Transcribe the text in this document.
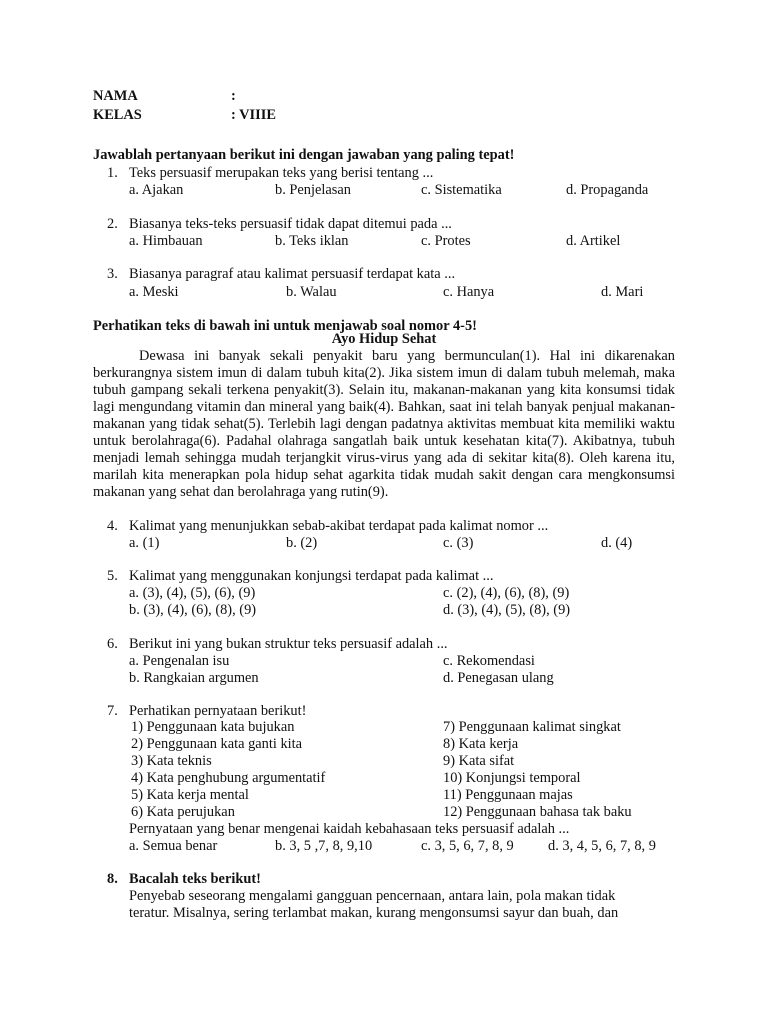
NAMA	:
KELAS	: VIIIE
Jawablah pertanyaan berikut ini dengan jawaban yang paling tepat!
1. Teks persuasif merupakan teks yang berisi tentang ...
a. Ajakan	b. Penjelasan	c. Sistematika	d. Propaganda
2. Biasanya teks-teks persuasif tidak dapat ditemui pada ...
a. Himbauan	b. Teks iklan	c. Protes	d. Artikel
3. Biasanya paragraf atau kalimat persuasif terdapat kata ...
a. Meski	b. Walau	c. Hanya	d. Mari
Perhatikan teks di bawah ini untuk menjawab soal nomor 4-5!
Ayo Hidup Sehat
Dewasa ini banyak sekali penyakit baru yang bermunculan(1). Hal ini dikarenakan berkurangnya sistem imun di dalam tubuh kita(2). Jika sistem imun di dalam tubuh melemah, maka tubuh gampang sekali terkena penyakit(3). Selain itu, makanan-makanan yang kita konsumsi tidak lagi mengundang vitamin dan mineral yang baik(4). Bahkan, saat ini telah banyak penjual makanan-makanan yang tidak sehat(5). Terlebih lagi dengan padatnya aktivitas membuat kita memiliki waktu untuk berolahraga(6). Padahal olahraga sangatlah baik untuk kesehatan kita(7). Akibatnya, tubuh menjadi lemah sehingga mudah terjangkit virus-virus yang ada di sekitar kita(8). Oleh karena itu, marilah kita menerapkan pola hidup sehat agarkita tidak mudah sakit dengan cara mengkonsumsi makanan yang sehat dan berolahraga yang rutin(9).
4. Kalimat yang menunjukkan sebab-akibat terdapat pada kalimat nomor ...
a. (1)	b. (2)	c. (3)	d. (4)
5. Kalimat yang menggunakan konjungsi terdapat pada kalimat ...
a. (3), (4), (5), (6), (9)
b. (3), (4), (6), (8), (9)
c. (2), (4), (6), (8), (9)
d. (3), (4), (5), (8), (9)
6. Berikut ini yang bukan struktur teks persuasif adalah ...
a. Pengenalan isu
b. Rangkaian argumen
c. Rekomendasi
d. Penegasan ulang
7. Perhatikan pernyataan berikut!
1) Penggunaan kata bujukan
2) Penggunaan kata ganti kita
3) Kata teknis
4) Kata penghubung argumentatif
5) Kata kerja mental
6) Kata perujukan
7) Penggunaan kalimat singkat
8) Kata kerja
9) Kata sifat
10) Konjungsi temporal
11) Penggunaan majas
12) Penggunaan bahasa tak baku
Pernyataan yang benar mengenai kaidah kebahasaan teks persuasif adalah ...
a. Semua benar	b. 3, 5 ,7, 8, 9,10	c. 3, 5, 6, 7, 8, 9 d. 3, 4, 5, 6, 7, 8, 9
8. Bacalah teks berikut!
Penyebab seseorang mengalami gangguan pencernaan, antara lain, pola makan tidak
teratur. Misalnya, sering terlambat makan, kurang mengonsumsi sayur dan buah, dan
